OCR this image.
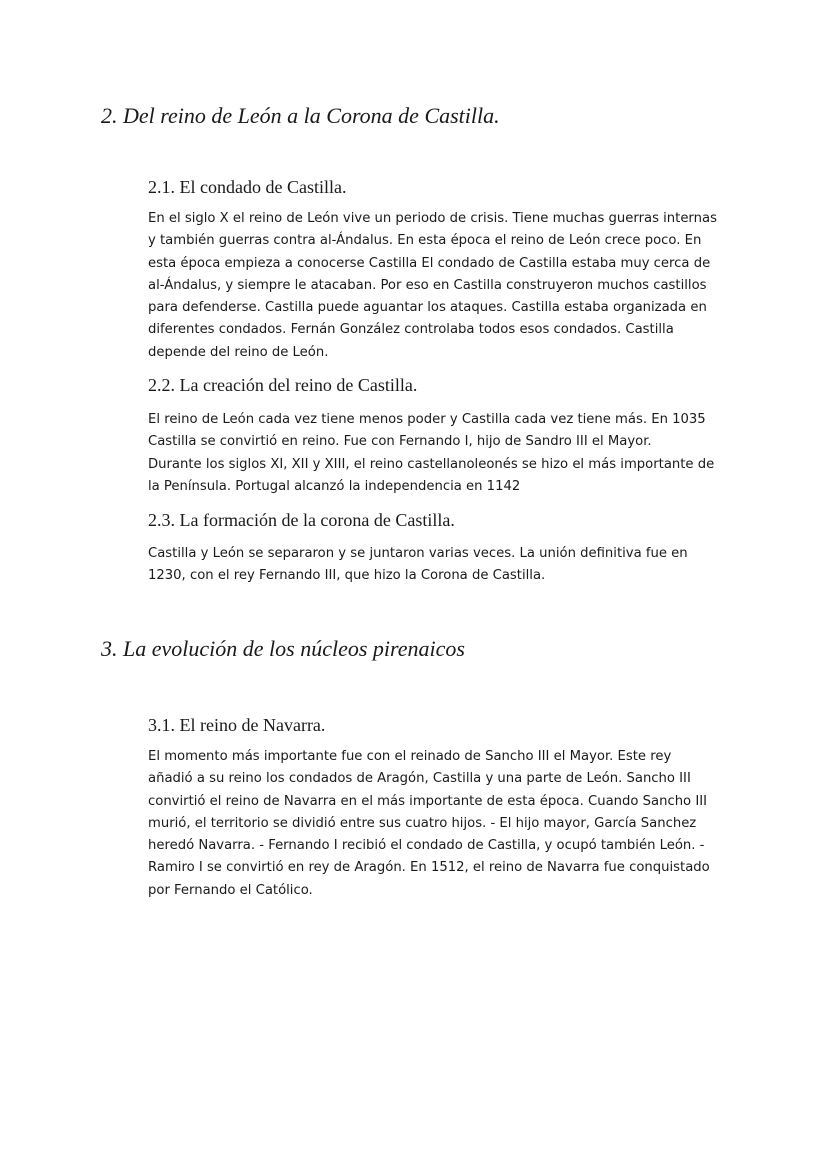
2. Del reino de León a la Corona de Castilla.
2.1. El condado de Castilla.

En el siglo X el reino de León vive un periodo de crisis. Tiene muchas guerras internas
y también guerras contra al-Ándalus. En esta época el reino de León crece poco. En
esta época empieza a conocerse Castilla El condado de Castilla estaba muy cerca de
al-Ándalus, y siempre le atacaban. Por eso en Castilla construyeron muchos castillos
para defenderse. Castilla puede aguantar los ataques. Castilla estaba organizada en
diferentes condados. Fernán González controlaba todos esos condados. Castilla
depende del reino de León.

2.2. La creación del reino de Castilla.

El reino de León cada vez tiene menos poder y Castilla cada vez tiene más. En 1035
Castilla se convirtió en reino. Fue con Fernando I, hijo de Sandro III el Mayor.
Durante los siglos XI, XII y XIII, el reino castellanoleonés se hizo el más importante de
la Península. Portugal alcanzó la independencia en 1142

2.3. La formación de la corona de Castilla.

Castilla y León se separaron y se juntaron varias veces. La unión definitiva fue en
1230, con el rey Fernando III, que hizo la Corona de Castilla.

3. La evolución de los núcleos pirenaicos
3.1. El reino de Navarra.

El momento más importante fue con el reinado de Sancho III el Mayor. Este rey
añadió a su reino los condados de Aragón, Castilla y una parte de León. Sancho III
convirtió el reino de Navarra en el más importante de esta época. Cuando Sancho III
murió, el territorio se dividió entre sus cuatro hijos. - El hijo mayor, García Sanchez
heredó Navarra. - Fernando I recibió el condado de Castilla, y ocupó también León. -
Ramiro I se convirtió en rey de Aragón. En 1512, el reino de Navarra fue conquistado
por Fernando el Católico.
